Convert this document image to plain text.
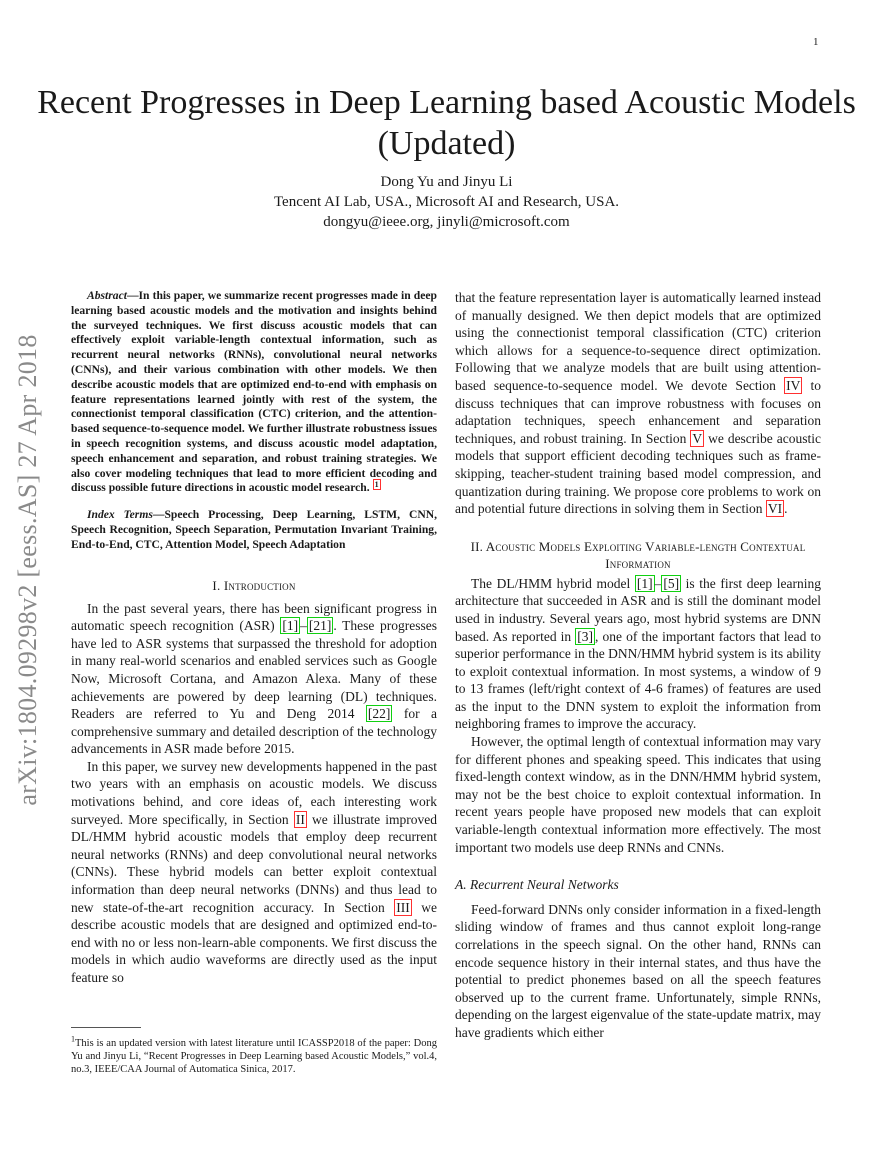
1
arXiv:1804.09298v2 [eess.AS] 27 Apr 2018
Recent Progresses in Deep Learning based Acoustic Models (Updated)
Dong Yu and Jinyu Li
Tencent AI Lab, USA., Microsoft AI and Research, USA.
dongyu@ieee.org, jinyli@microsoft.com

Abstract—In this paper, we summarize recent progresses made in deep learning based acoustic models and the motivation and insights behind the surveyed techniques. We first discuss acoustic models that can effectively exploit variable-length contextual information, such as recurrent neural networks (RNNs), convolutional neural networks (CNNs), and their various combination with other models. We then describe acoustic models that are optimized end-to-end with emphasis on feature representations learned jointly with rest of the system, the connectionist temporal classification (CTC) criterion, and the attention-based sequence-to-sequence model. We further illustrate robustness issues in speech recognition systems, and discuss acoustic model adaptation, speech enhancement and separation, and robust training strategies. We also cover modeling techniques that lead to more efficient decoding and discuss possible future directions in acoustic model research. $^1$

Index Terms—Speech Processing, Deep Learning, LSTM, CNN, Speech Recognition, Speech Separation, Permutation Invariant Training, End-to-End, CTC, Attention Model, Speech Adaptation

I. Introduction

In the past several years, there has been significant progress in automatic speech recognition (ASR) [1] – [21] . These progresses have led to ASR systems that surpassed the threshold for adoption in many real-world scenarios and enabled services such as Google Now, Microsoft Cortana, and Amazon Alexa. Many of these achievements are powered by deep learning (DL) techniques. Readers are referred to Yu and Deng 2014 [22] for a comprehensive summary and detailed description of the technology advancements in ASR made before 2015.

In this paper, we survey new developments happened in the past two years with an emphasis on acoustic models. We discuss motivations behind, and core ideas of, each interesting work surveyed. More specifically, in Section II we illustrate improved DL/HMM hybrid acoustic models that employ deep recurrent neural networks (RNNs) and deep convolutional neural networks (CNNs). These hybrid models can better exploit contextual information than deep neural networks (DNNs) and thus lead to new state-of-the-art recognition accuracy. In Section III we describe acoustic models that are designed and optimized end-to-end with no or less non-learn-able components. We first discuss the models in which audio waveforms are directly used as the input feature so

$^1$This is an updated version with latest literature until ICASSP2018 of the paper: Dong Yu and Jinyu Li, “Recent Progresses in Deep Learning based Acoustic Models,” vol.4, no.3, IEEE/CAA Journal of Automatica Sinica, 2017.

that the feature representation layer is automatically learned instead of manually designed. We then depict models that are optimized using the connectionist temporal classification (CTC) criterion which allows for a sequence-to-sequence direct optimization. Following that we analyze models that are built using attention-based sequence-to-sequence model. We devote Section IV to discuss techniques that can improve robustness with focuses on adaptation techniques, speech enhancement and separation techniques, and robust training. In Section V we describe acoustic models that support efficient decoding techniques such as frame-skipping, teacher-student training based model compression, and quantization during training. We propose core problems to work on and potential future directions in solving them in Section VI .

II. Acoustic Models Exploiting Variable-length Contextual Information

The DL/HMM hybrid model [1] – [5] is the first deep learning architecture that succeeded in ASR and is still the dominant model used in industry. Several years ago, most hybrid systems are DNN based. As reported in [3] , one of the important factors that lead to superior performance in the DNN/HMM hybrid system is its ability to exploit contextual information. In most systems, a window of 9 to 13 frames (left/right context of 4-6 frames) of features are used as the input to the DNN system to exploit the information from neighboring frames to improve the accuracy.

However, the optimal length of contextual information may vary for different phones and speaking speed. This indicates that using fixed-length context window, as in the DNN/HMM hybrid system, may not be the best choice to exploit contextual information. In recent years people have proposed new models that can exploit variable-length contextual information more effectively. The most important two models use deep RNNs and CNNs.

A. Recurrent Neural Networks

Feed-forward DNNs only consider information in a fixed-length sliding window of frames and thus cannot exploit long-range correlations in the speech signal. On the other hand, RNNs can encode sequence history in their internal states, and thus have the potential to predict phonemes based on all the speech features observed up to the current frame. Unfortunately, simple RNNs, depending on the largest eigenvalue of the state-update matrix, may have gradients which either
